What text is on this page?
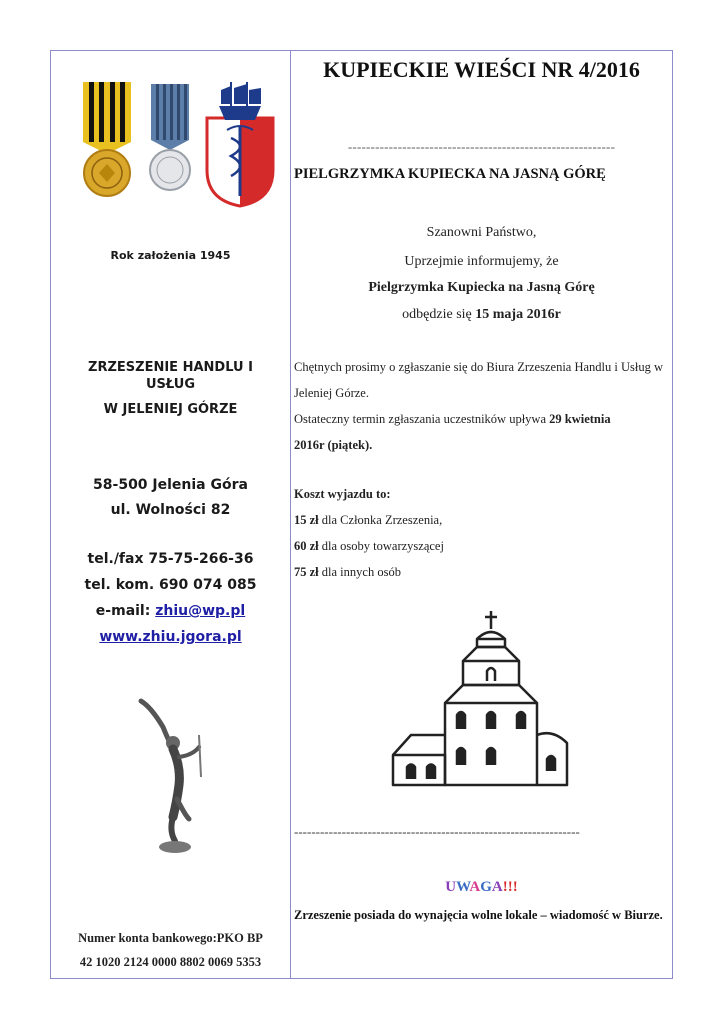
Rok założenia 1945
ZRZESZENIE HANDLU I
USŁUG
W JELENIEJ GÓRZE
58-500 Jelenia Góra
ul. Wolności 82
tel./fax 75-75-266-36
tel. kom. 690 074 085
e-mail: zhiu@wp.pl
www.zhiu.jgora.pl
Numer konta bankowego:PKO BP
42 1020 2124 0000 8802 0069 5353
KUPIECKIE WIEŚCI NR 4/2016
-----------------------------------------------------------
PIELGRZYMKA KUPIECKA NA JASNĄ GÓRĘ
Szanowni Państwo,
Uprzejmie informujemy, że
Pielgrzymka Kupiecka na Jasną Górę
odbędzie się 15 maja 2016r
Chętnych prosimy o zgłaszanie się do Biura Zrzeszenia Handlu i Usług w Jeleniej Górze.
Ostateczny termin zgłaszania uczestników upływa 29 kwietnia
2016r (piątek).
Koszt wyjazdu to:
15 zł dla Członka Zrzeszenia,
60 zł dla osoby towarzyszącej
75 zł dla innych osób
------------------------------------------------------------------
UWAGA!!!
Zrzeszenie posiada do wynajęcia wolne lokale – wiadomość w Biurze.
